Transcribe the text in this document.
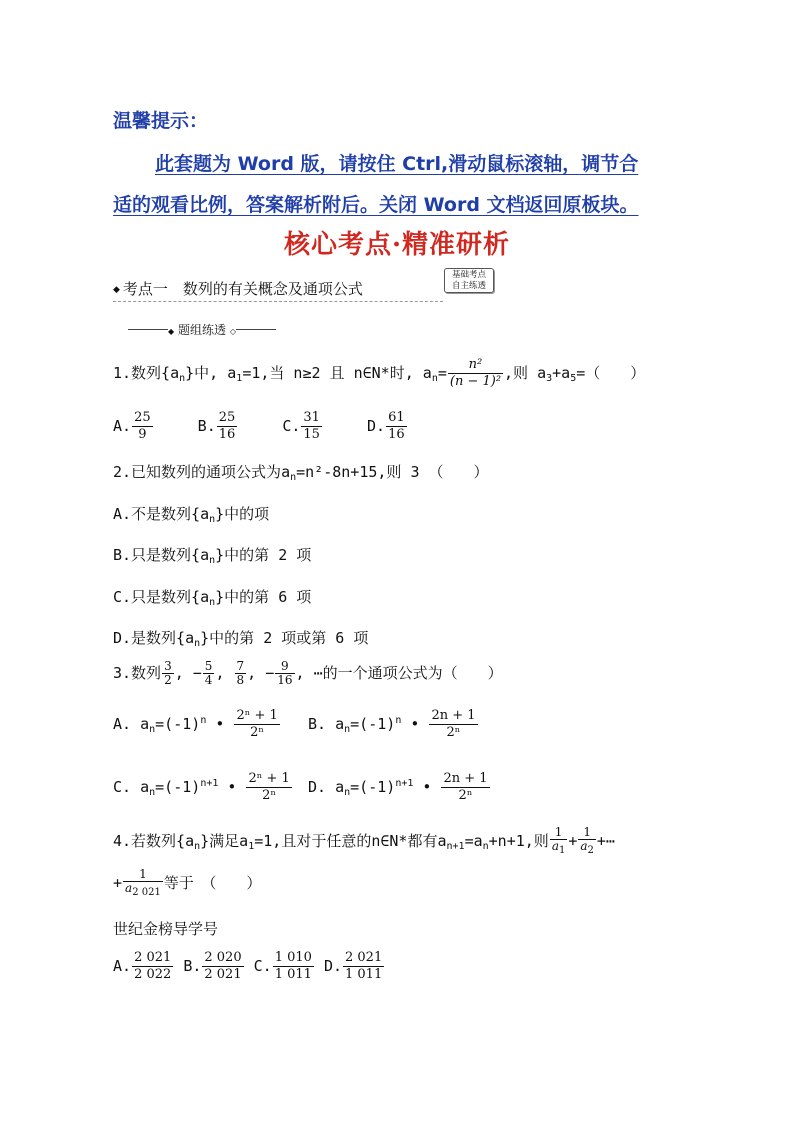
温馨提示：
此套题为 Word 版，请按住 Ctrl,滑动鼠标滚轴，调节合
适的观看比例，答案解析附后。关闭 Word 文档返回原板块。
核心考点·精准研析
◆ 考点一　数列的有关概念及通项公式
基础考点
自主练透
◆ 题组练透 ◇
1.数列$\{a_n\}$中, $a_1=1$,当 n≥2 且 n∈N*时, $a_n= \frac{\text{n²}}{\text{(n − 1)²}}$ ,则 $a_3+a_5=$（　　）
A. $\frac{25}{9}$	B. $\frac{25}{16}$	C. $\frac{31}{15}$	D. $\frac{61}{16}$
2.已知数列的通项公式为$a_n=n^2-8n+15$,则 3 （　　）
A.不是数列$\{a_n\}$中的项
B.只是数列$\{a_n\}$中的第 2 项
C.只是数列$\{a_n\}$中的第 6 项
D.是数列$\{a_n\}$中的第 2 项或第 6 项
3.数列 $\frac{3}{2}$ , − $\frac{5}{4}$ , $\frac{7}{8}$ , − $\frac{9}{16}$ , ⋯的一个通项公式为（　　）
A. $a_n=(-1)^n$ • $\frac{\text{2ⁿ + 1}}{\text{2ⁿ}} B$. $a_n=(-1)^n$ • $\frac{2n + 1}{\text{2ⁿ}}$
C. $a_n=(-1)^{n+1}$ • $\frac{\text{2ⁿ + 1}}{\text{2ⁿ}} D$. $a_n=(-1)^{n+1}$ • $\frac{2n + 1}{\text{2ⁿ}}$
4.若数列$\{a_n\}$满足$a_1=1$,且对于任意的n∈N*都有$a_{n+1}=a_n+n+1$,则 $\frac{1}{a_1} + \frac{1}{a_2}$ +⋯
+ $\frac{1}{a_{2 021}}$ 等于　（　　）
世纪金榜导学号
A. $\frac{2 021}{2 022} B$. $\frac{2 020}{2 021} C$. $\frac{1 010}{1 011} D$. $\frac{2 021}{1 011}$
